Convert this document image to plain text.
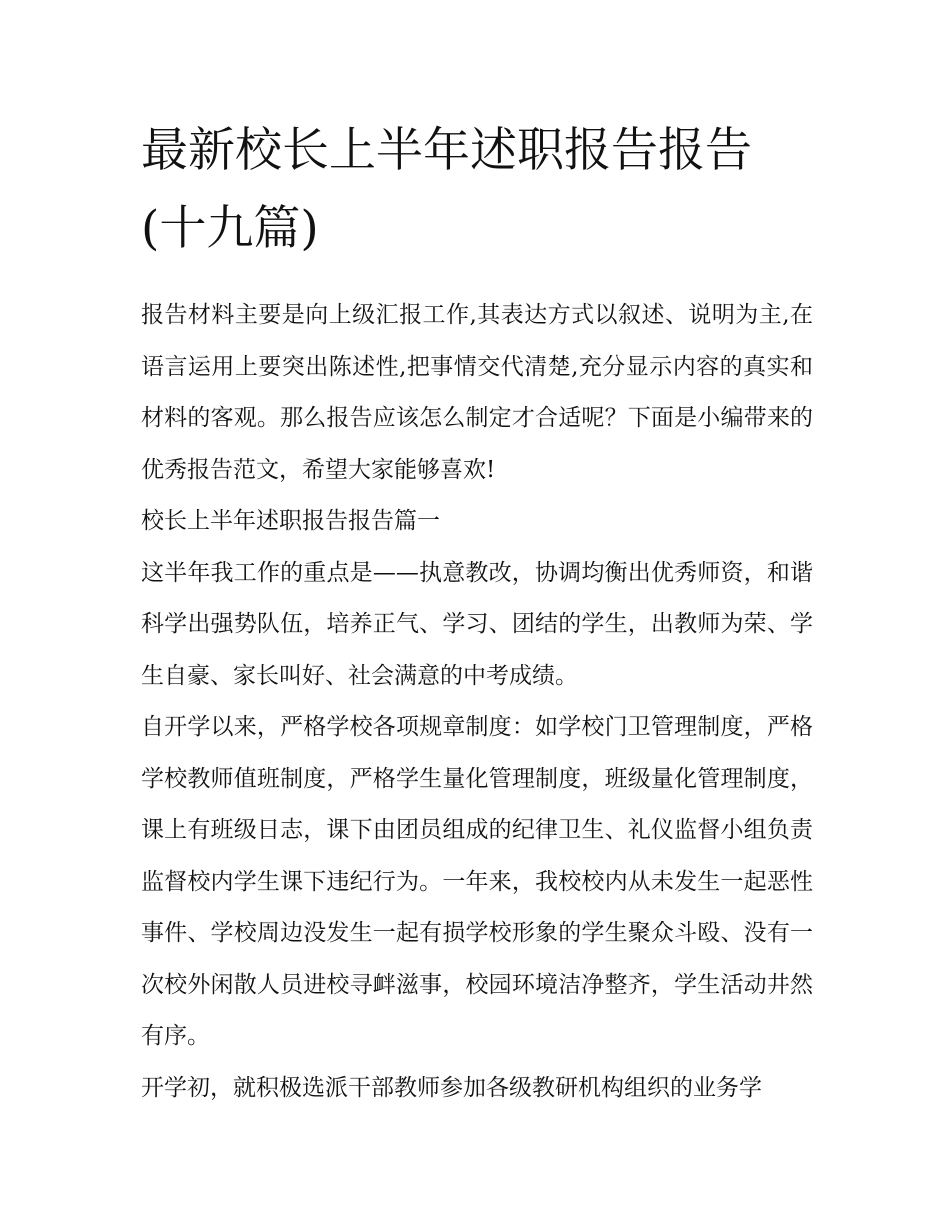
最新校长上半年述职报告报告(十九篇)

报告材料主要是向上级汇报工作,其表达方式以叙述、说明为主,在语言运用上要突出陈述性,把事情交代清楚,充分显示内容的真实和材料的客观。那么报告应该怎么制定才合适呢？下面是小编带来的优秀报告范文，希望大家能够喜欢!

校长上半年述职报告报告篇一

这半年我工作的重点是——执意教改，协调均衡出优秀师资，和谐科学出强势队伍，培养正气、学习、团结的学生，出教师为荣、学生自豪、家长叫好、社会满意的中考成绩。

自开学以来，严格学校各项规章制度：如学校门卫管理制度，严格学校教师值班制度，严格学生量化管理制度，班级量化管理制度，课上有班级日志，课下由团员组成的纪律卫生、礼仪监督小组负责监督校内学生课下违纪行为。一年来，我校校内从未发生一起恶性事件、学校周边没发生一起有损学校形象的学生聚众斗殴、没有一次校外闲散人员进校寻衅滋事，校园环境洁净整齐，学生活动井然有序。

开学初，就积极选派干部教师参加各级教研机构组织的业务学
